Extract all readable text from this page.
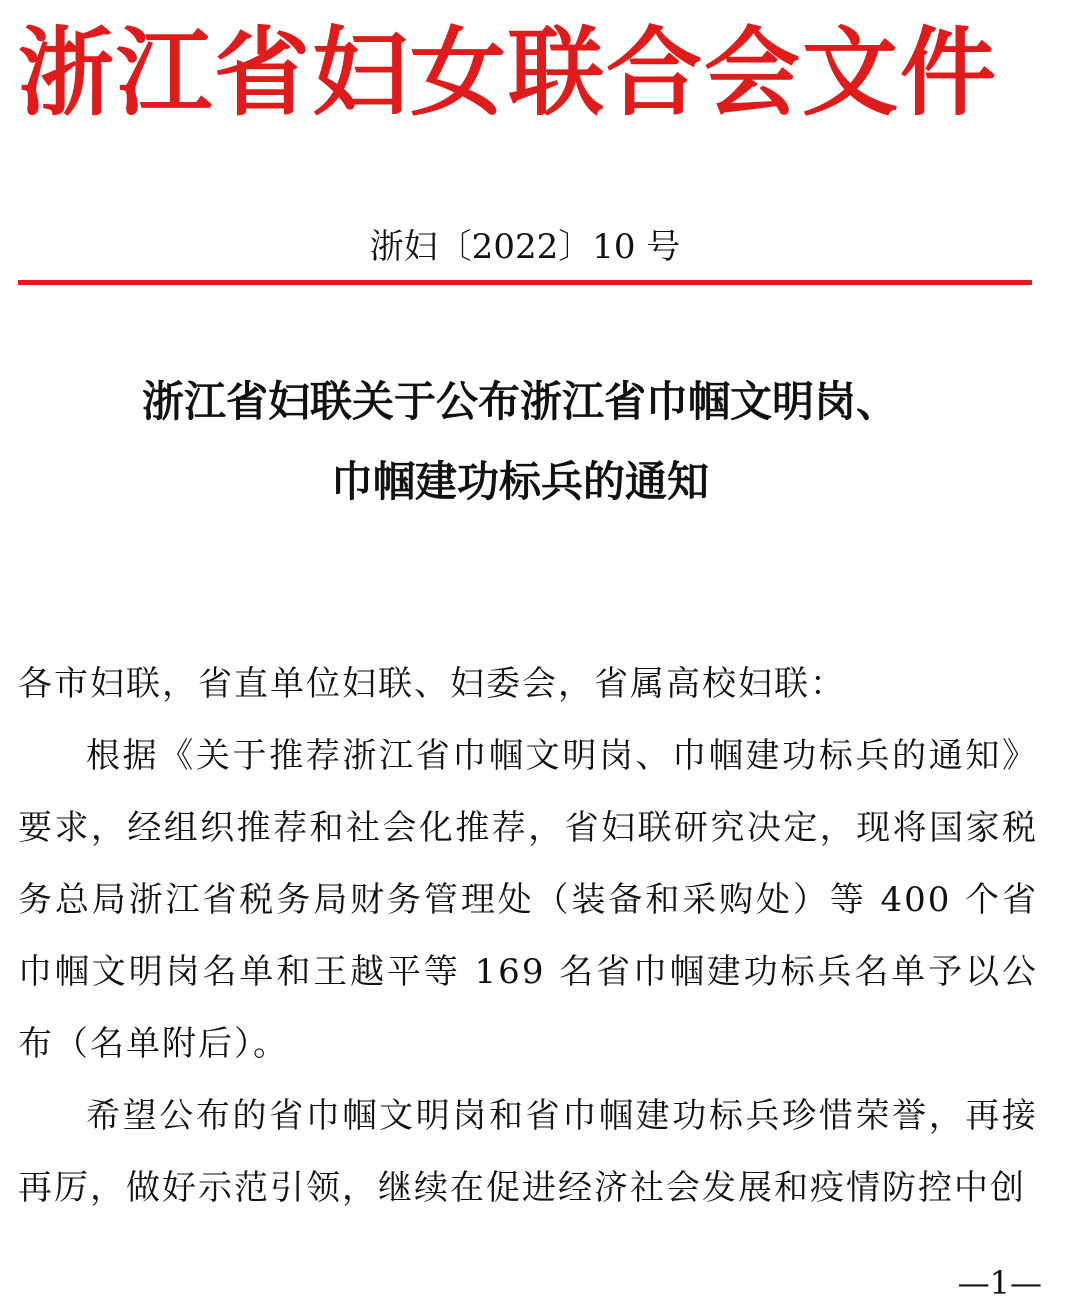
浙江省妇女联合会文件
浙妇〔2022〕10 号
浙江省妇联关于公布浙江省巾帼文明岗、
巾帼建功标兵的通知

各市妇联，省直单位妇联、妇委会，省属高校妇联：

根据《关于推荐浙江省巾帼文明岗、巾帼建功标兵的通知》要求，经组织推荐和社会化推荐，省妇联研究决定，现将国家税务总局浙江省税务局财务管理处（装备和采购处）等 400 个省巾帼文明岗名单和王越平等 169 名省巾帼建功标兵名单予以公布（名单附后）。

希望公布的省巾帼文明岗和省巾帼建功标兵珍惜荣誉，再接再厉，做好示范引领，继续在促进经济社会发展和疫情防控中创

—1—
